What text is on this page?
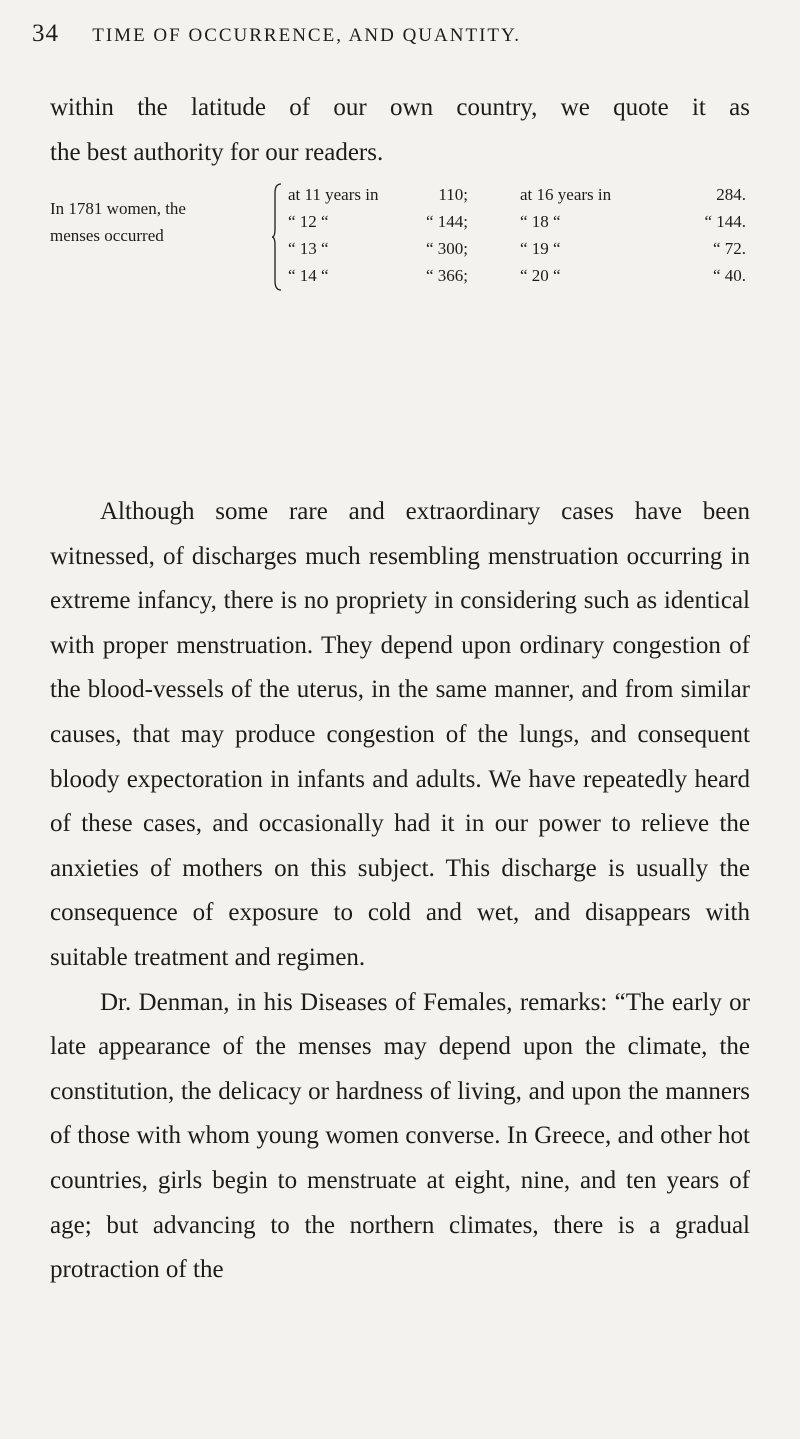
34 TIME OF OCCURRENCE, AND QUANTITY.
within the latitude of our own country, we quote it as
the best authority for our readers.
In 1781 women, the
menses occurred
at 11 years in	110;	at 16 years in	284.
“ 12 “	“ 144;	“ 18 “	“ 144.
“ 13 “	“ 300;	“ 19 “	“ 72.
“ 14 “	“ 366;	“ 20 “	“ 40.

Although some rare and extraordinary cases have been witnessed, of discharges much resembling menstruation occurring in extreme infancy, there is no propriety in considering such as identical with proper menstruation. They depend upon ordinary congestion of the blood-vessels of the uterus, in the same manner, and from similar causes, that may produce congestion of the lungs, and consequent bloody expectoration in infants and adults. We have repeatedly heard of these cases, and occasionally had it in our power to relieve the anxieties of mothers on this subject. This discharge is usually the consequence of exposure to cold and wet, and disappears with suitable treatment and regimen.

Dr. Denman, in his Diseases of Females, remarks: “The early or late appearance of the menses may depend upon the climate, the constitution, the delicacy or hardness of living, and upon the manners of those with whom young women converse. In Greece, and other hot countries, girls begin to menstruate at eight, nine, and ten years of age; but advancing to the northern climates, there is a gradual protraction of the
